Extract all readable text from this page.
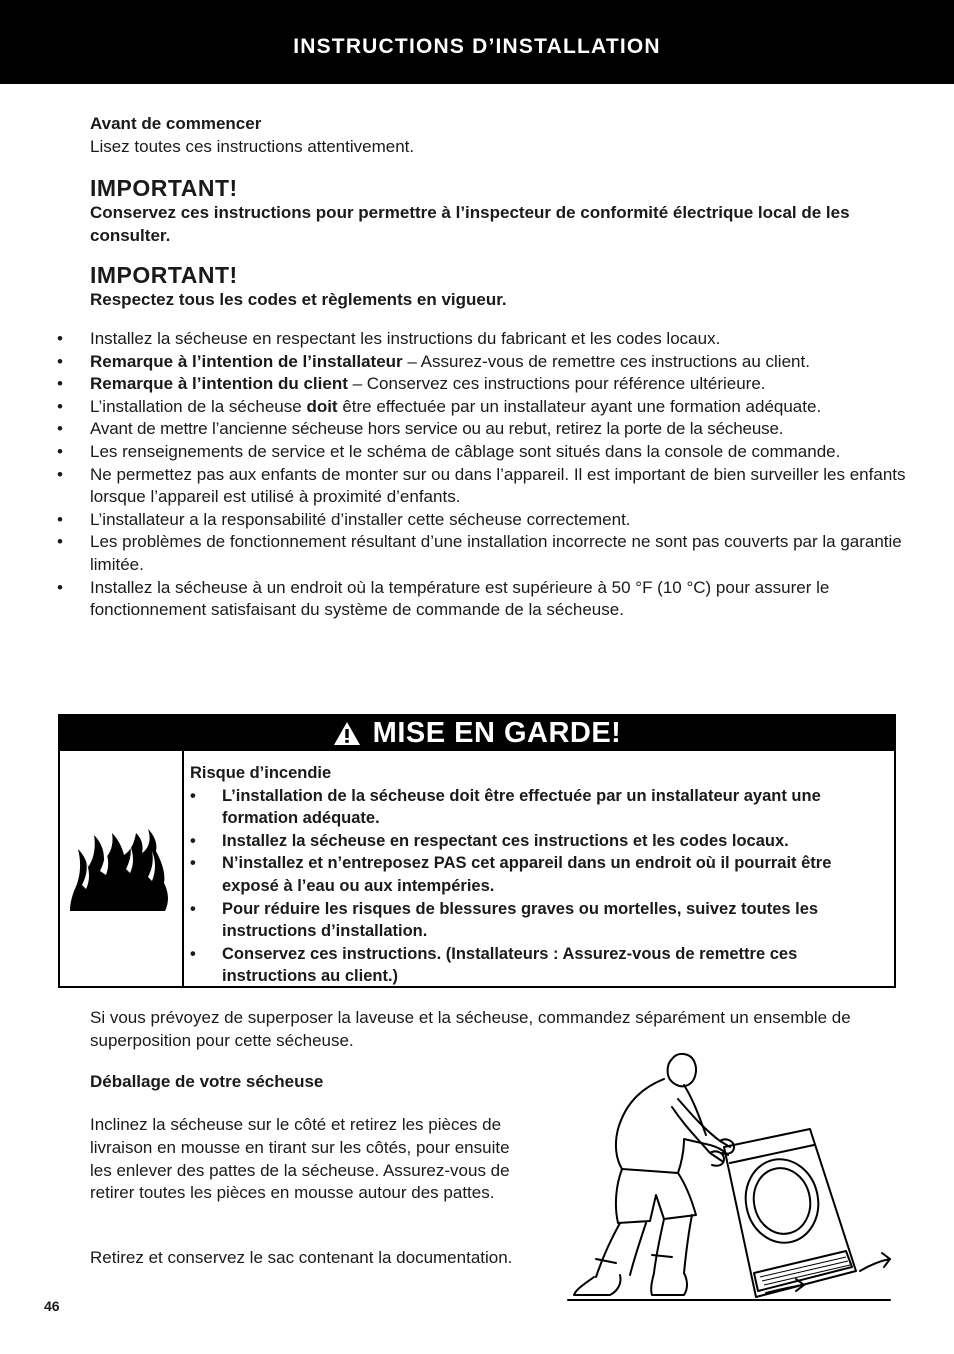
INSTRUCTIONS D’INSTALLATION
Avant de commencer
Lisez toutes ces instructions attentivement.
IMPORTANT!
Conservez ces instructions pour permettre à l’inspecteur de conformité électrique local de les consulter.
IMPORTANT!
Respectez tous les codes et règlements en vigueur.
• Installez la sécheuse en respectant les instructions du fabricant et les codes locaux.
• Remarque à l’intention de l’installateur – Assurez-vous de remettre ces instructions au client.
• Remarque à l’intention du client – Conservez ces instructions pour référence ultérieure.
• L’installation de la sécheuse doit être effectuée par un installateur ayant une formation adéquate.
• Avant de mettre l’ancienne sécheuse hors service ou au rebut, retirez la porte de la sécheuse.
• Les renseignements de service et le schéma de câblage sont situés dans la console de commande.
• Ne permettez pas aux enfants de monter sur ou dans l’appareil. Il est important de bien surveiller les enfants lorsque l’appareil est utilisé à proximité d’enfants.
• L’installateur a la responsabilité d’installer cette sécheuse correctement.
• Les problèmes de fonctionnement résultant d’une installation incorrecte ne sont pas couverts par la garantie limitée.
• Installez la sécheuse à un endroit où la température est supérieure à 50 °F (10 °C) pour assurer le fonctionnement satisfaisant du système de commande de la sécheuse.
MISE EN GARDE!
Risque d’incendie
• L’installation de la sécheuse doit être effectuée par un installateur ayant une formation adéquate.
• Installez la sécheuse en respectant ces instructions et les codes locaux.
• N’installez et n’entreposez PAS cet appareil dans un endroit où il pourrait être exposé à l’eau ou aux intempéries.
• Pour réduire les risques de blessures graves ou mortelles, suivez toutes les instructions d’installation.
• Conservez ces instructions. (Installateurs : Assurez-vous de remettre ces instructions au client.)
Si vous prévoyez de superposer la laveuse et la sécheuse, commandez séparément un ensemble de superposition pour cette sécheuse.
Déballage de votre sécheuse
Inclinez la sécheuse sur le côté et retirez les pièces de livraison en mousse en tirant sur les côtés, pour ensuite les enlever des pattes de la sécheuse. Assurez-vous de retirer toutes les pièces en mousse autour des pattes.
Retirez et conservez le sac contenant la documentation.
46
